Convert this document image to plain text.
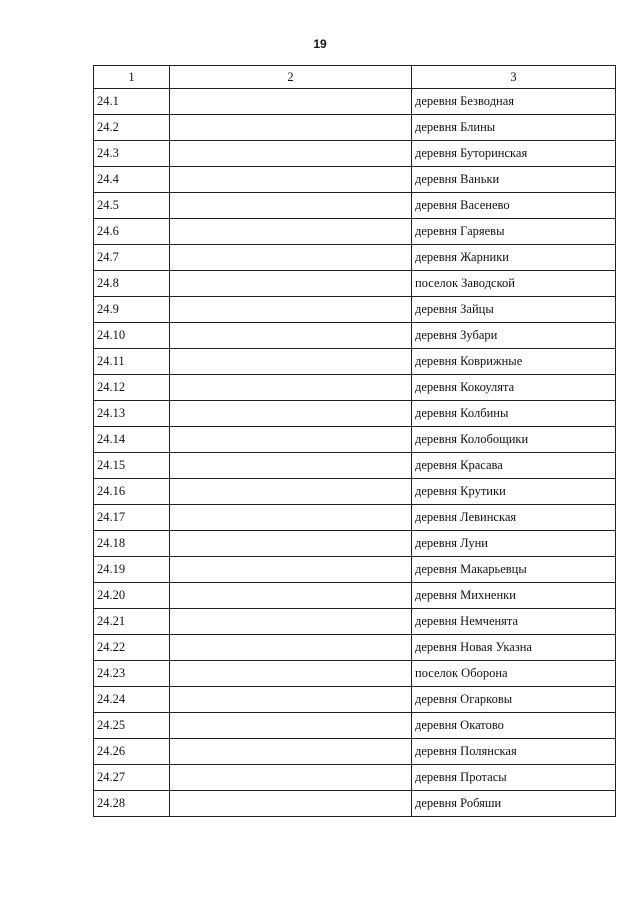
19
1	2	3
24.1		деревня Безводная
24.2		деревня Блины
24.3		деревня Буторинская
24.4		деревня Ваньки
24.5		деревня Васенево
24.6		деревня Гаряевы
24.7		деревня Жарники
24.8		поселок Заводской
24.9		деревня Зайцы
24.10		деревня Зубари
24.11		деревня Коврижные
24.12		деревня Кокоулята
24.13		деревня Колбины
24.14		деревня Колобощики
24.15		деревня Красава
24.16		деревня Крутики
24.17		деревня Левинская
24.18		деревня Луни
24.19		деревня Макарьевцы
24.20		деревня Михненки
24.21		деревня Немченята
24.22		деревня Новая Указна
24.23		поселок Оборона
24.24		деревня Огарковы
24.25		деревня Окатово
24.26		деревня Полянская
24.27		деревня Протасы
24.28		деревня Робяши
